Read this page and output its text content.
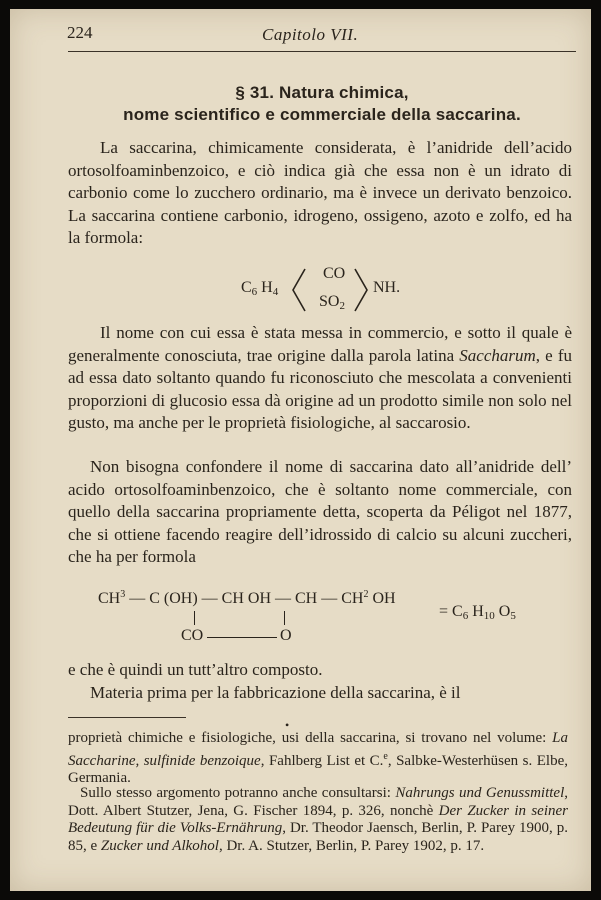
224	Capitolo VII.
§ 31. Natura chimica,
nome scientifico e commerciale della saccarina.
La saccarina, chimicamente considerata, è l’anidride dell’acido ortosolfoaminbenzoico, e ciò indica già che essa non è un idrato di carbonio come lo zucchero ordinario, ma è invece un derivato benzoico. La saccarina contiene carbonio, idrogeno, ossigeno, azoto e zolfo, ed ha la formola:
$C_6$ $H_4$
CO
$SO_2$
NH.
Il nome con cui essa è stata messa in commercio, e sotto il quale è generalmente conosciuta, trae origine dalla parola latina Saccharum, e fu ad essa dato soltanto quando fu riconosciuto che mescolata a convenienti proporzioni di glucosio essa dà origine ad un prodotto simile non solo nel gusto, ma anche per le proprietà fisiologiche, al saccarosio.
Non bisogna confondere il nome di saccarina dato all’anidride dell’ acido ortosolfoaminbenzoico, che è soltanto nome commerciale, con quello della saccarina propriamente detta, scoperta da Péligot nel 1877, che si ottiene facendo reagire dell’idrossido di calcio su alcuni zuccheri, che ha per formola
$CH^3$ — C (OH) — CH OH — CH — $CH^2$ OH
= $C_6$ $H_{10}$ $O_5$
CO	O
e che è quindi un tutt’altro composto.
Materia prima per la fabbricazione della saccarina, è il
•
proprietà chimiche e fisiologiche, usi della saccarina, si trovano nel volume: La Saccharine, sulfinide benzoique, Fahlberg List et C.$^e$, Salbke-Westerhüsen s. Elbe, Germania.
Sullo stesso argomento potranno anche consultarsi: Nahrungs und Genussmittel, Dott. Albert Stutzer, Jena, G. Fischer 1894, p. 326, nonchè Der Zucker in seiner Bedeutung für die Volks-Ernährung, Dr. Theodor Jaensch, Berlin, P. Parey 1900, p. 85, e Zucker und Alkohol, Dr. A. Stutzer, Berlin, P. Parey 1902, p. 17.
